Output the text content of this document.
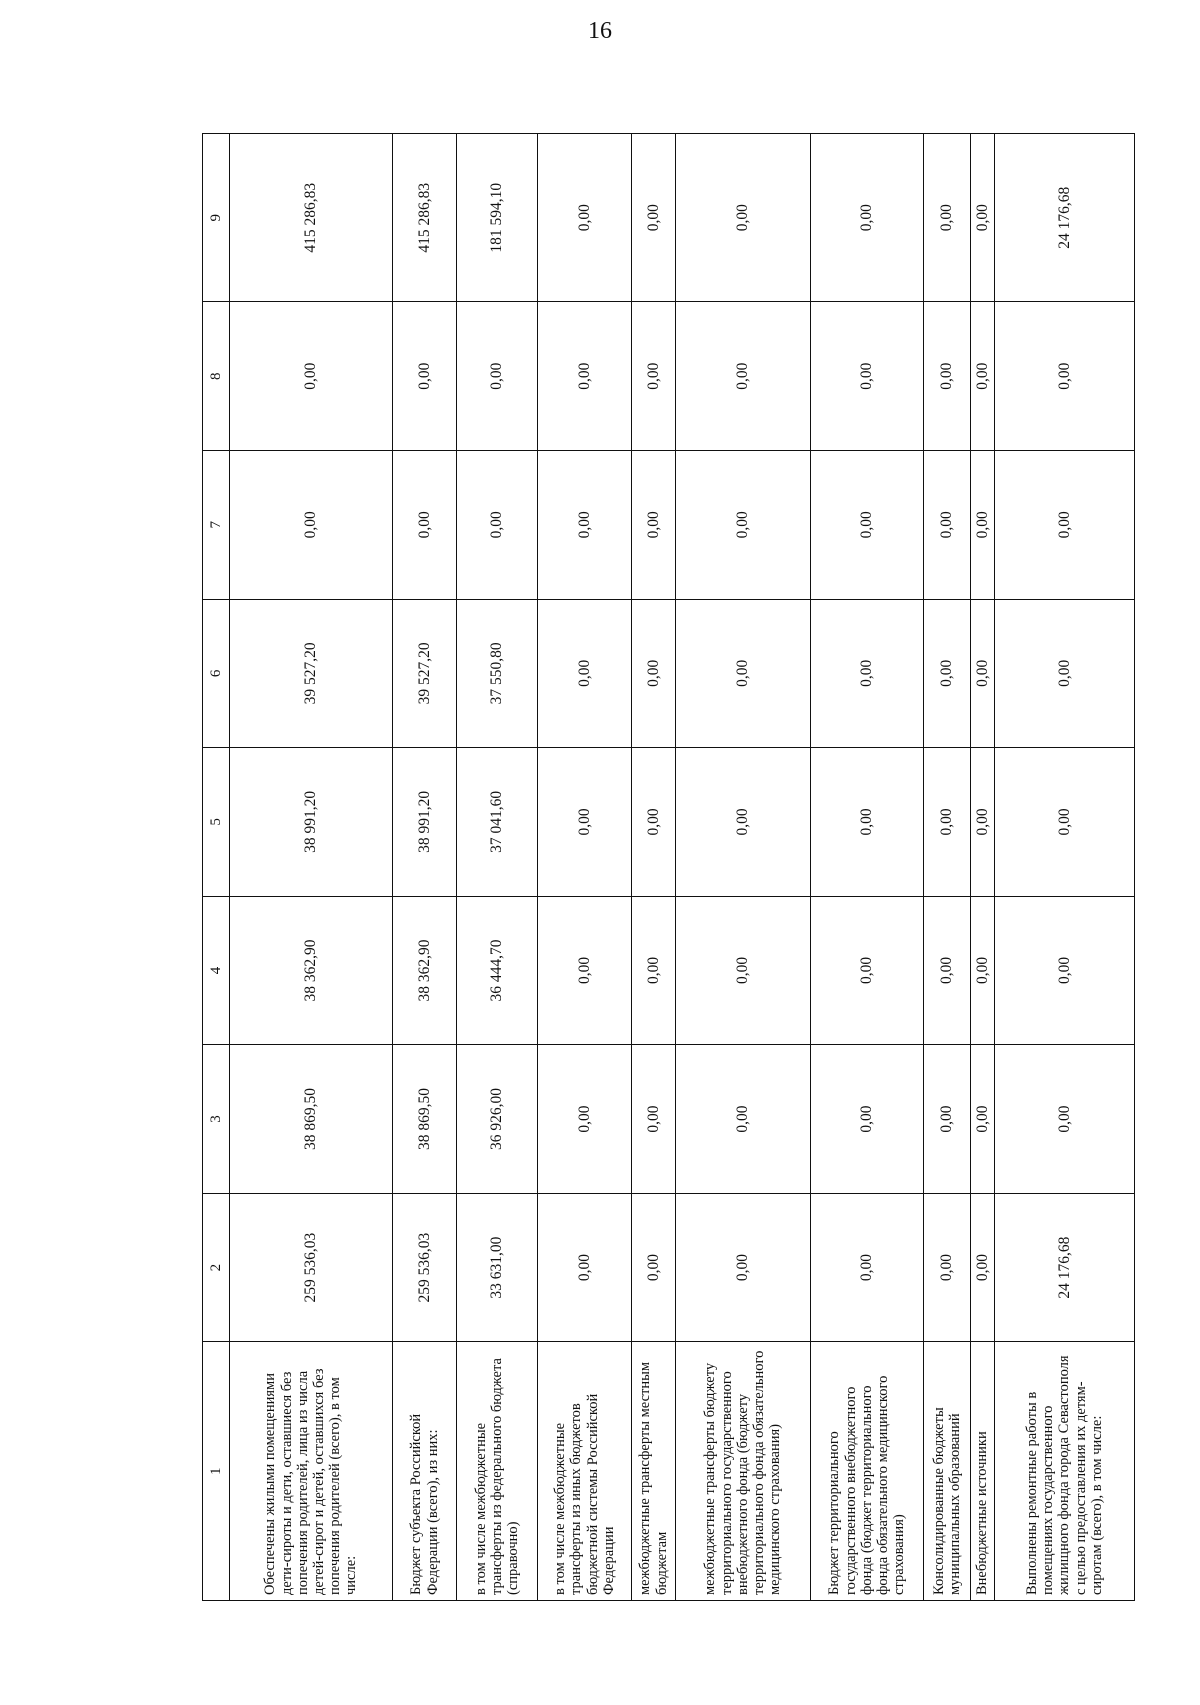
16
1	2	3	4	5	6	7	8	9
Обеспечены жилыми помещениями дети-сироты и дети, оставшиеся без попечения родителей, лица из числа детей-сирот и детей, оставшихся без попечения родителей (всего), в том числе:	259 536,03	38 869,50	38 362,90	38 991,20	39 527,20	0,00	0,00	415 286,83
Бюджет субъекта Российской Федерации (всего), из них:	259 536,03	38 869,50	38 362,90	38 991,20	39 527,20	0,00	0,00	415 286,83
в том числе межбюджетные трансферты из федерального бюджета (справочно)	33 631,00	36 926,00	36 444,70	37 041,60	37 550,80	0,00	0,00	181 594,10
в том числе межбюджетные трансферты из иных бюджетов бюджетной системы Российской Федерации	0,00	0,00	0,00	0,00	0,00	0,00	0,00	0,00
межбюджетные трансферты местным бюджетам	0,00	0,00	0,00	0,00	0,00	0,00	0,00	0,00
межбюджетные трансферты бюджету территориального государственного внебюджетного фонда (бюджету территориального фонда обязательного медицинского страхования)	0,00	0,00	0,00	0,00	0,00	0,00	0,00	0,00
Бюджет территориального государственного внебюджетного фонда (бюджет территориального фонда обязательного медицинского страхования)	0,00	0,00	0,00	0,00	0,00	0,00	0,00	0,00
Консолидированные бюджеты муниципальных образований	0,00	0,00	0,00	0,00	0,00	0,00	0,00	0,00
Внебюджетные источники	0,00	0,00	0,00	0,00	0,00	0,00	0,00	0,00
Выполнены ремонтные работы в помещениях государственного жилищного фонда города Севастополя с целью предоставления их детям-сиротам (всего), в том числе:	24 176,68	0,00	0,00	0,00	0,00	0,00	0,00	24 176,68
